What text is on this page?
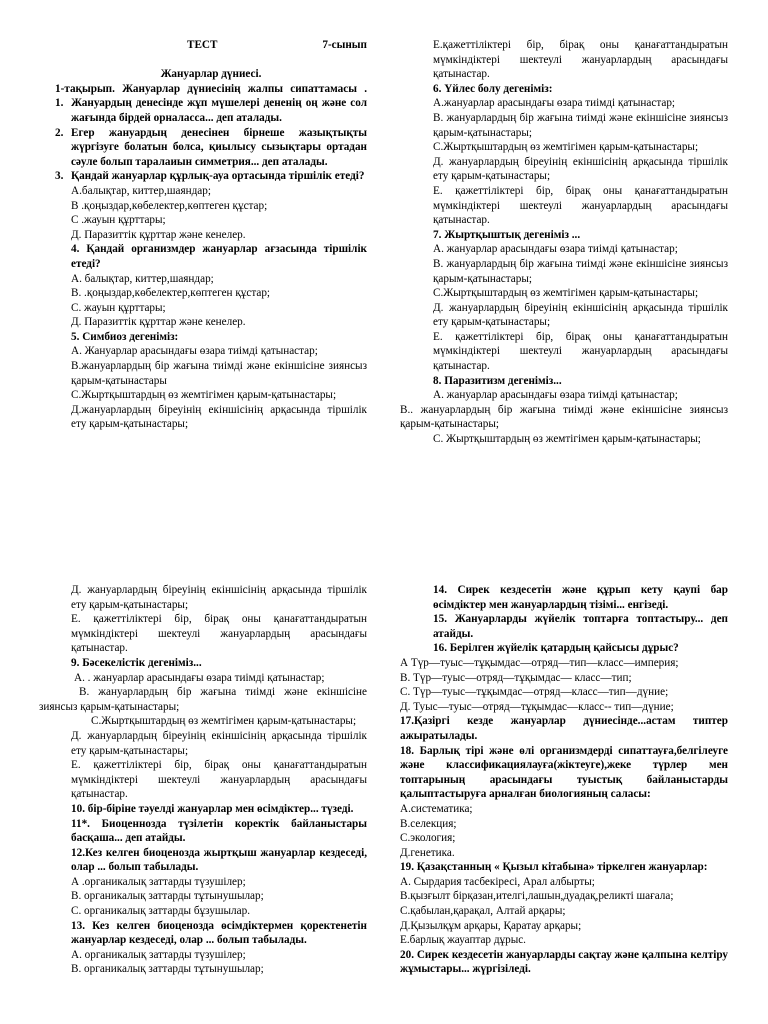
ТЕСТ	7-сынып

Жануарлар дүниесі.

1-тақырып. Жануарлар дүниесінің жалпы сипаттамасы .

1. Жануардың денесінде жұп мүшелері дененің оң және сол жағында бірдей орналасса... деп аталады.
2. Егер жануардың денесінен бірнеше жазықтықты жүргізуге болатын болса, қиылысу сызықтары ортадан сәуле болып таралаиын симметрия... деп аталады.
3. Қандай жануарлар құрлық-ауа ортасында тіршілік етеді?

А.балықтар, киттер,шаяндар;

В .қоңыздар,көбелектер,көптеген құстар;

С .жауын құрттары;

Д. Паразиттік құрттар және кенелер.

4. Қандай организмдер жануарлар ағзасында тіршілік етеді?

А. балықтар, киттер,шаяндар;

В. .қоңыздар,көбелектер,көптеген құстар;

С. жауын құрттары;

Д. Паразиттік құрттар және кенелер.

5. Симбиоз дегеніміз:

А. Жануарлар арасындағы өзара тиімді қатынастар;

В.жануарлардың бір жағына тиімді және екіншісіне зиянсыз қарым-қатынастары

С.Жыртқыштардың өз жемтігімен қарым-қатынастары;

Д.жануарлардың біреуінің екіншісінің арқасында тіршілік ету қарым-қатынастары;

Е.қажеттіліктері бір, бірақ оны қанағаттандыратын мүмкіндіктері шектеулі жануарлардың арасындағы қатынастар.

6. Үйлес болу дегеніміз:

А.жануарлар арасындағы өзара тиімді қатынастар;

В. жануарлардың бір жағына тиімді және екіншісіне зиянсыз қарым-қатынастары;

С.Жыртқыштардың өз жемтігімен қарым-қатынастары;

Д. жануарлардың біреуінің екіншісінің арқасында тіршілік ету қарым-қатынастары;

Е. қажеттіліктері бір, бірақ оны қанағаттандыратын мүмкіндіктері шектеулі жануарлардың арасындағы қатынастар.

7. Жыртқыштық дегеніміз ...

А. жануарлар арасындағы өзара тиімді қатынастар;

В. жануарлардың бір жағына тиімді және екіншісіне зиянсыз қарым-қатынастары;

С.Жыртқыштардың өз жемтігімен қарым-қатынастары;

Д. жануарлардың біреуінің екіншісінің арқасында тіршілік ету қарым-қатынастары;

Е. қажеттіліктері бір, бірақ оны қанағаттандыратын мүмкіндіктері шектеулі жануарлардың арасындағы қатынастар.

8. Паразитизм дегеніміз...

А. жануарлар арасындағы өзара тиімді қатынастар;

В.. жануарлардың бір жағына тиімді және екіншісіне зиянсыз қарым-қатынастары;

С. Жыртқыштардың өз жемтігімен қарым-қатынастары;

Д. жануарлардың біреуінің екіншісінің арқасында тіршілік ету қарым-қатынастары;

Е. қажеттіліктері бір, бірақ оны қанағаттандыратын мүмкіндіктері шектеулі жануарлардың арасындағы қатынастар.

9. Бәсекелістік дегеніміз...

А. . жануарлар арасындағы өзара тиімді қатынастар;

В. жануарлардың бір жағына тиімді және екіншісіне зиянсыз қарым-қатынастары;

С.Жыртқыштардың өз жемтігімен қарым-қатынастары;

Д. жануарлардың біреуінің екіншісінің арқасында тіршілік ету қарым-қатынастары;

Е. қажеттіліктері бір, бірақ оны қанағаттандыратын мүмкіндіктері шектеулі жануарлардың арасындағы қатынастар.

10. бір-біріне тәуелді жануарлар мен өсімдіктер... түзеді.

11*. Биоценнозда түзілетін коректік байланыстары басқаша... деп атайды.

12.Кез келген биоценозда жыртқыш жануарлар кездеседі, олар ... болып табылады.

А .органикалық заттарды түзушілер;

В. органикалық заттарды тұтынушылар;

С. органикалық заттарды бұзушылар.

13. Кез келген биоценозда өсімдіктермен қоректенетін жануарлар кездеседі, олар ... болып табылады.

А. органикалық заттарды түзушілер;

В. органикалық заттарды тұтынушылар;

14. Сирек кездесетін және құрып кету қаупі бар өсімдіктер мен жануарлардың тізімі... енгізеді.

15. Жануарларды жүйелік топтарға топтастыру... деп атайды.

16. Берілген жүйелік қатардың қайсысы дұрыс?

А Түр—туыс—тұқымдас—отряд—тип—класс—империя;

В. Түр—туыс—отряд—тұқымдас— класс—тип;

С. Түр—туыс—тұқымдас—отряд—класс—тип—дүние;

Д. Туыс—туыс—отряд—тұқымдас—класс-- тип—дүние;

17.Қазіргі кезде жануарлар дүниесінде...астам типтер ажыратылады.

18. Барлық тірі және өлі организмдерді сипаттауға,белгілеуге және классификациялауға(жіктеуге),жеке түрлер мен топтарының арасындағы туыстық байланыстарды қалыптастыруға арналған биологияның саласы:

А.систематика;

В.селекция;

С.экология;

Д.генетика.

19. Қазақстанның « Қызыл кітабына» тіркелген жануарлар:

А. Сырдария тасбекіресі, Арал албырты;

В.қызғылт бірқазан,ителгі,лашын,дуадақ,реликті шағала;

С.қабылан,қарақал, Алтай арқары;

Д.Қызылқұм арқары, Қаратау арқары;

Е.барлық жауаптар дұрыс.

20. Сирек кездесетін жануарларды сақтау және қалпына келтіру жұмыстары... жүргізіледі.
